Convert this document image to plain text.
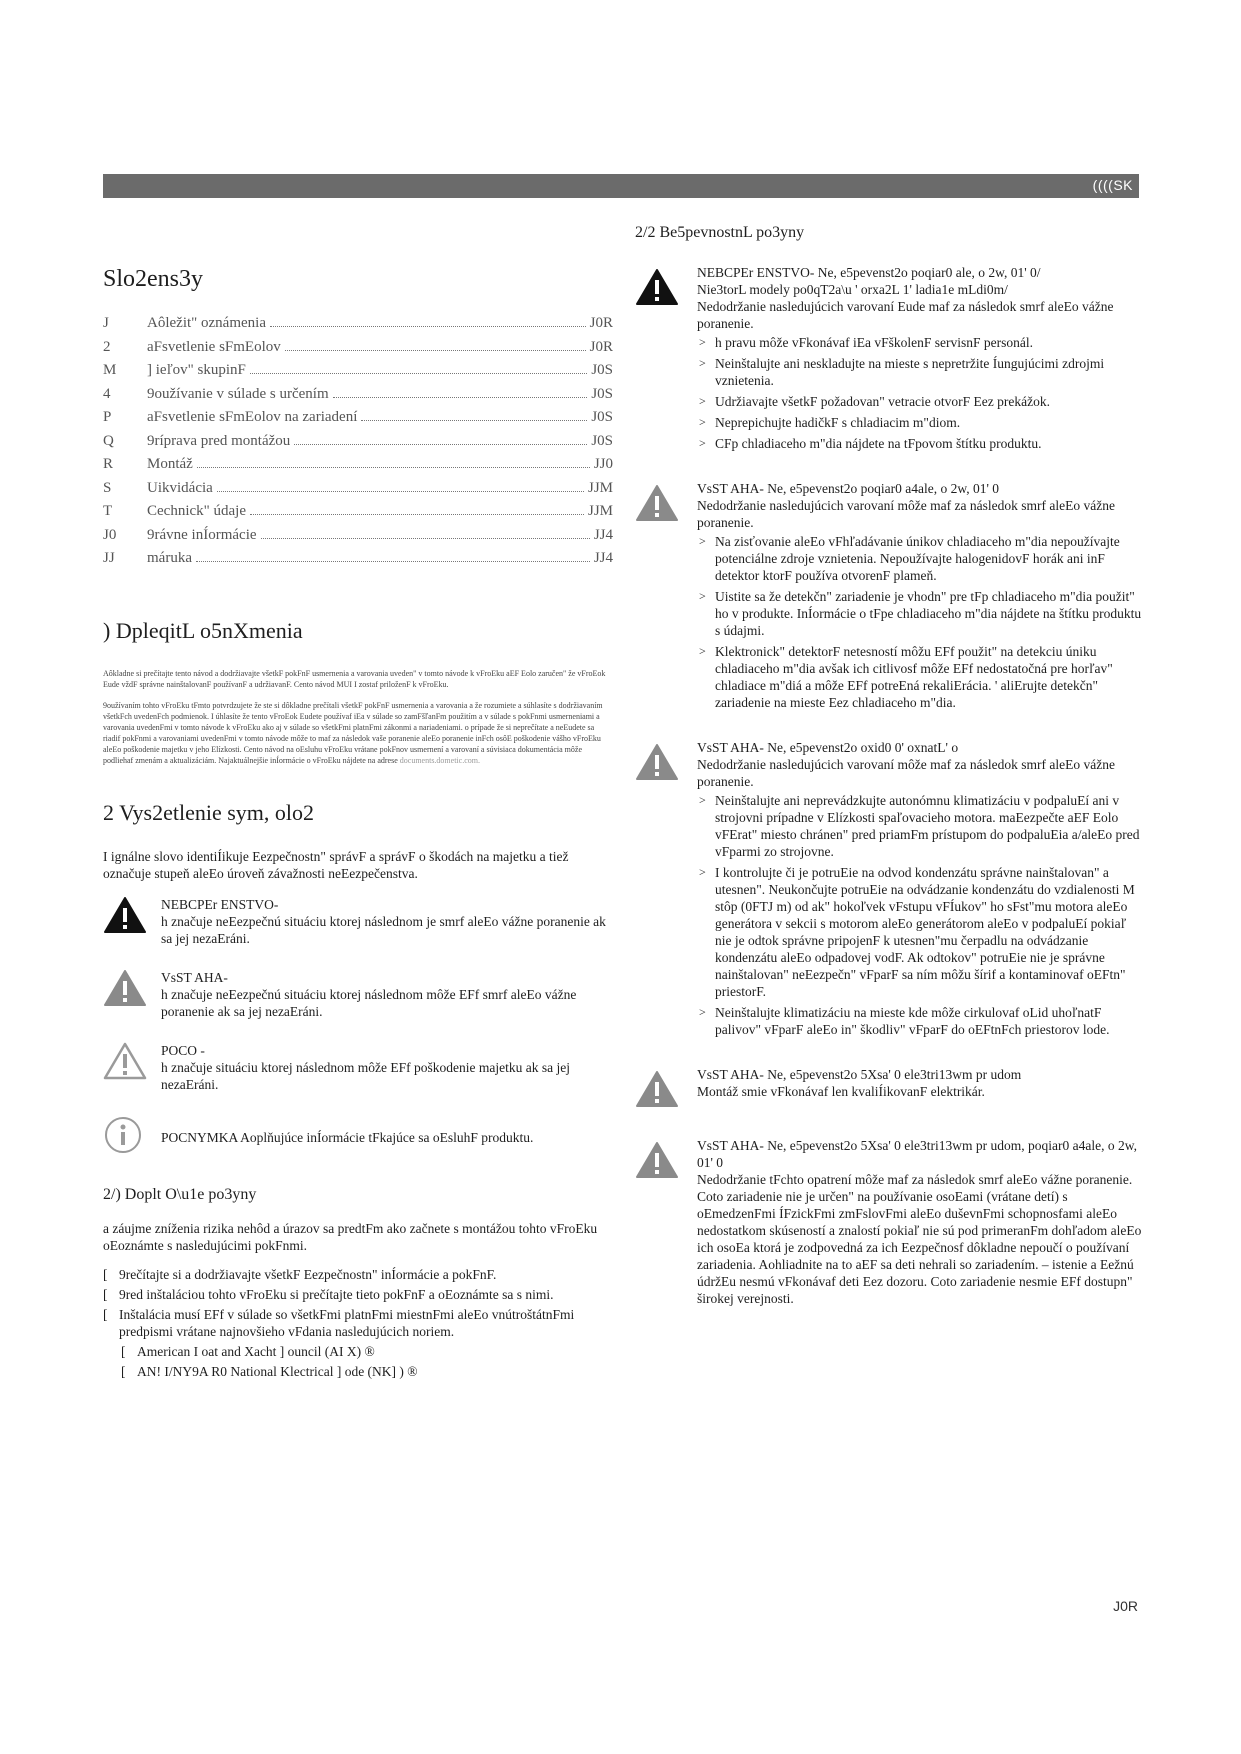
((((SK
Slo2ens3y
J	Aôležit" oznámenia	J0R
2	aFsvetlenie sFmEolov	J0R
M	] ieľov" skupinF	J0S
4	9oužívanie v súlade s určením	J0S
P	aFsvetlenie sFmEolov na zariadení	J0S
Q	9ríprava pred montážou	J0S
R	Montáž	JJ0
S	Uikvidácia	JJM
T	Cechnick" údaje	JJM
J0	9rávne inÍormácie	JJ4
JJ	máruka	JJ4
) DpleqitL o5nXmenia

Aôkladne si prečítajte tento návod a dodržiavajte všetkF pokFnF usmernenia a varovania uveden" v tomto návode k vFroEku aEF Eolo zaručen" že vFroEok Eude vždF správne nainštalovanF používanF a udržiavanF. Cento návod MUI I zostaf priloženF k vFroEku.

9oužívaním tohto vFroEku tFmto potvrdzujete že ste si dôkladne prečítali všetkF pokFnF usmernenia a varovania a že rozumiete a súhlasíte s dodržiavaním všetkFch uvedenFch podmienok. I úhlasíte že tento vFroEok Eudete používaf iEa v súlade so zamFšľanFm použitím a v súlade s pokFnmi usmerneniami a varovania uvedenFmi v tomto návode k vFroEku ako aj v súlade so všetkFmi platnFmi zákonmi a nariadeniami. o prípade že si neprečítate a neEudete sa riadif pokFnmi a varovaniami uvedenFmi v tomto návode môže to maf za následok vaše poranenie aleEo poranenie inFch osôE poškodenie vášho vFroEku aleEo poškodenie majetku v jeho Elízkosti. Cento návod na oEsluhu vFroEku vrátane pokFnov usmernení a varovaní a súvisiaca dokumentácia môže podliehaf zmenám a aktualizáciám. Najaktuálnejšie inÍormácie o vFroEku nájdete na adrese documents.dometic.com.

2 Vys2etlenie sym, olo2

I ignálne slovo identiÍikuje Eezpečnostn" správF a správF o škodách na majetku a tiež označuje stupeň aleEo úroveň závažnosti neEezpečenstva.

NEBCPEr ENSTVO-
h značuje neEezpečnú situáciu ktorej následnom je smrf aleEo vážne poranenie ak sa jej nezaEráni.
VsST AHA-
h značuje neEezpečnú situáciu ktorej následnom môže EFf smrf aleEo vážne poranenie ak sa jej nezaEráni.
POCO -
h značuje situáciu ktorej následnom môže EFf poškodenie majetku ak sa jej nezaEráni.
POCNYMKA Aoplňujúce inÍormácie tFkajúce sa oEsluhF produktu.
2/) Doplt O\u1e po3yny

a záujme zníženia rizika nehôd a úrazov sa predtFm ako začnete s montážou tohto vFroEku oEoznámte s nasledujúcimi pokFnmi.

[ 9rečítajte si a dodržiavajte všetkF Eezpečnostn" inÍormácie a pokFnF.
[ 9red inštaláciou tohto vFroEku si prečítajte tieto pokFnF a oEoznámte sa s nimi.
[ Inštalácia musí EFf v súlade so všetkFmi platnFmi miestnFmi aleEo vnútroštátnFmi predpismi vrátane najnovšieho vFdania nasledujúcich noriem.
[ American I oat and Xacht ] ouncil (AI X) ®
[ AN! I/NY9A R0 National Klectrical ] ode (NK] ) ®
2/2 Be5pevnostnL po3yny
NEBCPEr ENSTVO- Ne, e5pevenst2o poqiar0 ale, o 2w, 01' 0/
Nie3torL modely po0qT2a\u ' orxa2L 1' ladia1e mLdi0m/
Nedodržanie nasledujúcich varovaní Eude maf za následok smrf aleEo vážne poranenie.
> h pravu môže vFkonávaf iEa vFškolenF servisnF personál.
> Neinštalujte ani neskladujte na mieste s nepretržite Íungujúcimi zdrojmi vznietenia.
> Udržiavajte všetkF požadovan" vetracie otvorF Eez prekážok.
> Neprepichujte hadičkF s chladiacim m"diom.
> CFp chladiaceho m"dia nájdete na tFpovom štítku produktu.
VsST AHA- Ne, e5pevenst2o poqiar0 a4ale, o 2w, 01' 0
Nedodržanie nasledujúcich varovaní môže maf za následok smrf aleEo vážne poranenie.
> Na zisťovanie aleEo vFhľadávanie únikov chladiaceho m"dia nepoužívajte potenciálne zdroje vznietenia. Nepoužívajte halogenidovF horák ani inF detektor ktorF používa otvorenF plameň.
> Uistite sa že detekčn" zariadenie je vhodn" pre tFp chladiaceho m"dia použit" ho v produkte. InÍormácie o tFpe chladiaceho m"dia nájdete na štítku produktu s údajmi.
> Klektronick" detektorF netesností môžu EFf použit" na detekciu úniku chladiaceho m"dia avšak ich citlivosf môže EFf nedostatočná pre horľav" chladiace m"diá a môže EFf potreEná rekaliErácia. ' aliErujte detekčn" zariadenie na mieste Eez chladiaceho m"dia.
VsST AHA- Ne, e5pevenst2o oxid0 0' oxnatL' o
Nedodržanie nasledujúcich varovaní môže maf za následok smrf aleEo vážne poranenie.
> Neinštalujte ani neprevádzkujte autonómnu klimatizáciu v podpaluEí ani v strojovni prípadne v Elízkosti spaľovacieho motora. maEezpečte aEF Eolo vFErat" miesto chránen" pred priamFm prístupom do podpaluEia a/aleEo pred vFparmi zo strojovne.
> I kontrolujte či je potruEie na odvod kondenzátu správne nainštalovan" a utesnen". Neukončujte potruEie na odvádzanie kondenzátu do vzdialenosti M stôp (0FTJ m) od ak" hokoľvek vFstupu vFÍukov" ho sFst"mu motora aleEo generátora v sekcii s motorom aleEo generátorom aleEo v podpaluEí pokiaľ nie je odtok správne pripojenF k utesnen"mu čerpadlu na odvádzanie kondenzátu aleEo odpadovej vodF. Ak odtokov" potruEie nie je správne nainštalovan" neEezpečn" vFparF sa ním môžu šírif a kontaminovaf oEFtn" priestorF.
> Neinštalujte klimatizáciu na mieste kde môže cirkulovaf oLid uhoľnatF palivov" vFparF aleEo in" škodliv" vFparF do oEFtnFch priestorov lode.
VsST AHA- Ne, e5pevenst2o 5Xsa' 0 ele3tri13wm pr udom
Montáž smie vFkonávaf len kvaliÍikovanF elektrikár.
VsST AHA- Ne, e5pevenst2o 5Xsa' 0 ele3tri13wm pr udom, poqiar0 a4ale, o 2w, 01' 0
Nedodržanie tFchto opatrení môže maf za následok smrf aleEo vážne poranenie.
Coto zariadenie nie je určen" na používanie osoEami (vrátane detí) s oEmedzenFmi ÍFzickFmi zmFslovFmi aleEo duševnFmi schopnosfami aleEo nedostatkom skúseností a znalostí pokiaľ nie sú pod primeranFm dohľadom aleEo ich osoEa ktorá je zodpovedná za ich Eezpečnosf dôkladne nepoučí o používaní zariadenia. Aohliadnite na to aEF sa deti nehrali so zariadením. – istenie a Eežnú údržEu nesmú vFkonávaf deti Eez dozoru. Coto zariadenie nesmie EFf dostupn" širokej verejnosti.
J0R
